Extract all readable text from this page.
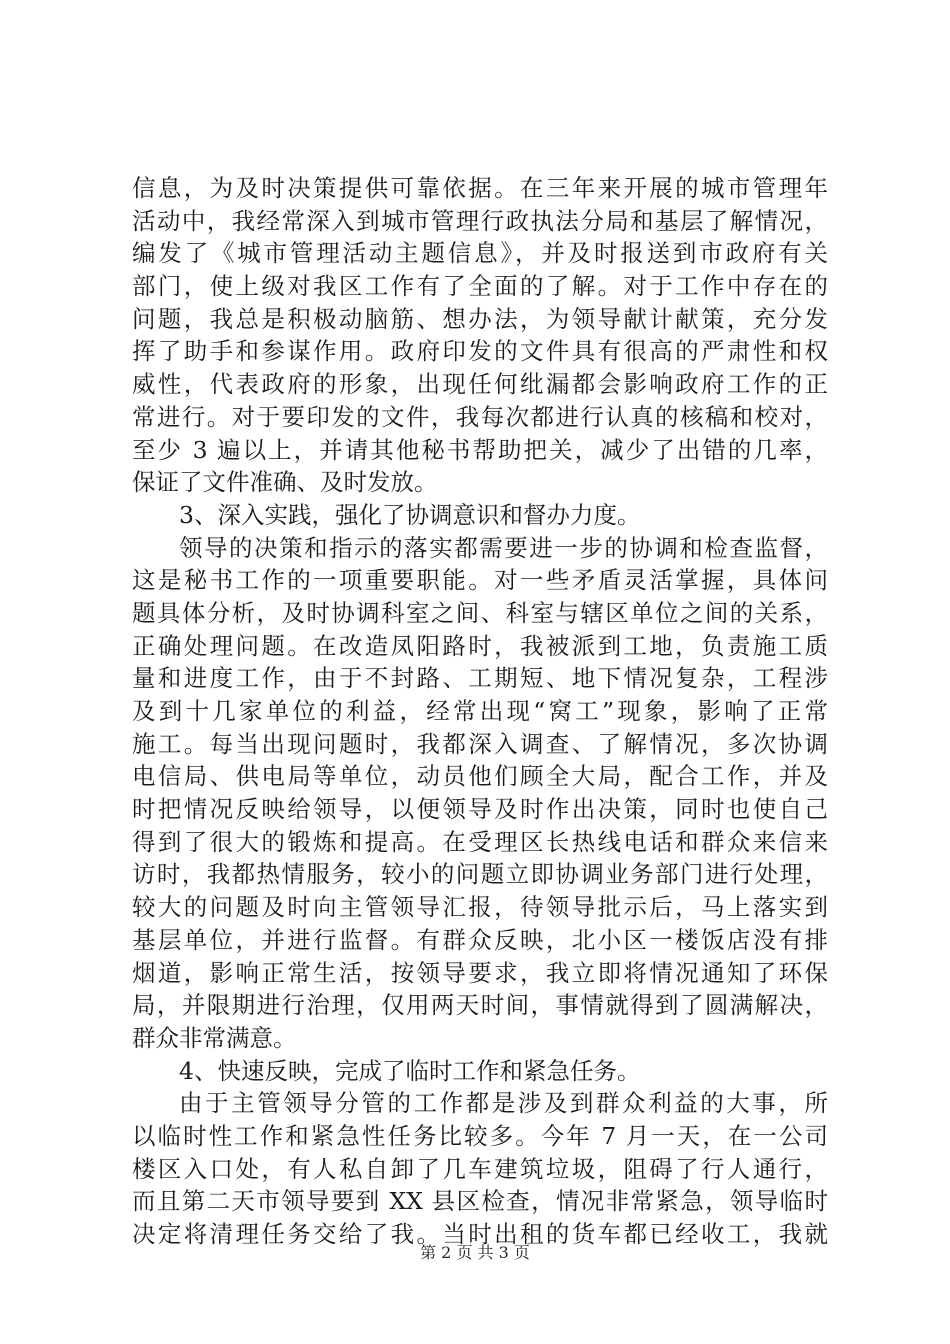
信息，为及时决策提供可靠依据。在三年来开展的城市管理年
活动中，我经常深入到城市管理行政执法分局和基层了解情况，
编发了《城市管理活动主题信息》，并及时报送到市政府有关
部门，使上级对我区工作有了全面的了解。对于工作中存在的
问题，我总是积极动脑筋、想办法，为领导献计献策，充分发
挥了助手和参谋作用。政府印发的文件具有很高的严肃性和权
威性，代表政府的形象，出现任何纰漏都会影响政府工作的正
常进行。对于要印发的文件，我每次都进行认真的核稿和校对，
至少 3 遍以上，并请其他秘书帮助把关，减少了出错的几率，
保证了文件准确、及时发放。
3、深入实践，强化了协调意识和督办力度。
领导的决策和指示的落实都需要进一步的协调和检查监督，
这是秘书工作的一项重要职能。对一些矛盾灵活掌握，具体问
题具体分析，及时协调科室之间、科室与辖区单位之间的关系，
正确处理问题。在改造凤阳路时，我被派到工地，负责施工质
量和进度工作，由于不封路、工期短、地下情况复杂，工程涉
及到十几家单位的利益，经常出现“窝工”现象，影响了正常
施工。每当出现问题时，我都深入调查、了解情况，多次协调
电信局、供电局等单位，动员他们顾全大局，配合工作，并及
时把情况反映给领导，以便领导及时作出决策，同时也使自己
得到了很大的锻炼和提高。在受理区长热线电话和群众来信来
访时，我都热情服务，较小的问题立即协调业务部门进行处理，
较大的问题及时向主管领导汇报，待领导批示后，马上落实到
基层单位，并进行监督。有群众反映，北小区一楼饭店没有排
烟道，影响正常生活，按领导要求，我立即将情况通知了环保
局，并限期进行治理，仅用两天时间，事情就得到了圆满解决，
群众非常满意。
4、快速反映，完成了临时工作和紧急任务。
由于主管领导分管的工作都是涉及到群众利益的大事，所
以临时性工作和紧急性任务比较多。今年 7 月一天，在一公司
楼区入口处，有人私自卸了几车建筑垃圾，阻碍了行人通行，
而且第二天市领导要到 XX 县区检查，情况非常紧急，领导临时
决定将清理任务交给了我。当时出租的货车都已经收工，我就
第 2 页 共 3 页
